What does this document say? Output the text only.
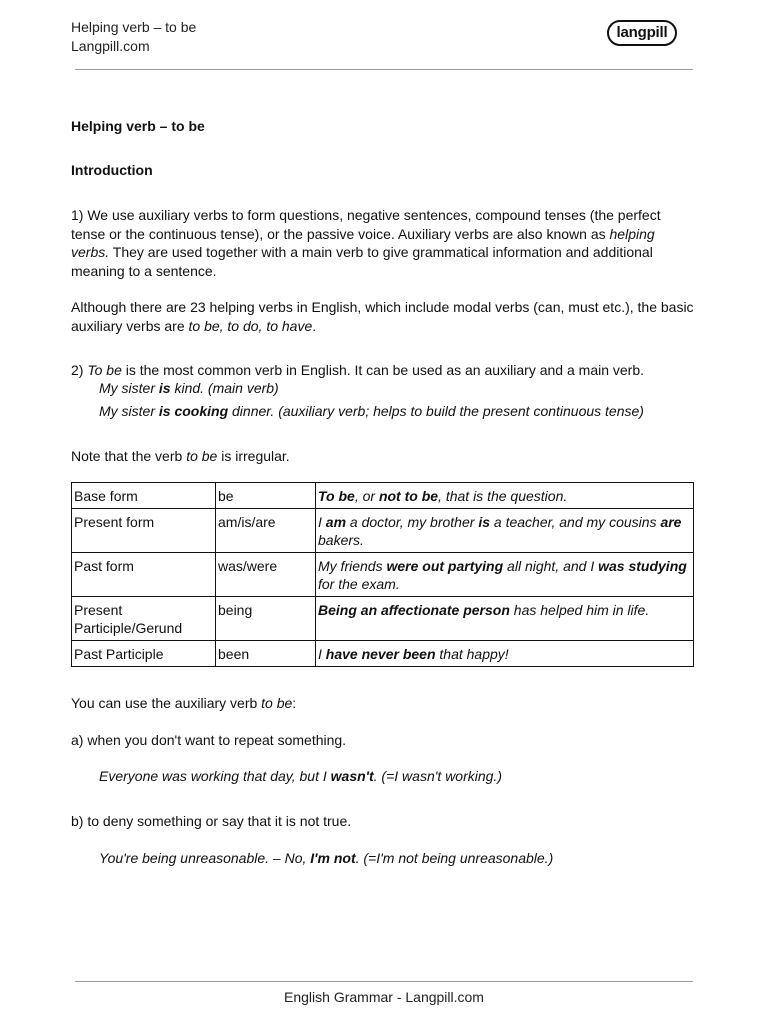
Helping verb – to be
Langpill.com
langpill
Helping verb – to be
Introduction
1) We use auxiliary verbs to form questions, negative sentences, compound tenses (the perfect tense or the continuous tense), or the passive voice. Auxiliary verbs are also known as helping verbs. They are used together with a main verb to give grammatical information and additional meaning to a sentence.
Although there are 23 helping verbs in English, which include modal verbs (can, must etc.), the basic auxiliary verbs are to be, to do, to have.
2) To be is the most common verb in English. It can be used as an auxiliary and a main verb.
My sister is kind. (main verb)
My sister is cooking dinner. (auxiliary verb; helps to build the present continuous tense)
Note that the verb to be is irregular.
Base form	be	To be, or not to be, that is the question.
Present form	am/is/are	I am a doctor, my brother is a teacher, and my cousins are bakers.
Past form	was/were	My friends were out partying all night, and I was studying for the exam.
Present Participle/Gerund	being	Being an affectionate person has helped him in life.
Past Participle	been	I have never been that happy!
You can use the auxiliary verb to be:
a) when you don't want to repeat something.
Everyone was working that day, but I wasn't. (=I wasn't working.)
b) to deny something or say that it is not true.
You're being unreasonable. – No, I'm not. (=I'm not being unreasonable.)
English Grammar - Langpill.com
